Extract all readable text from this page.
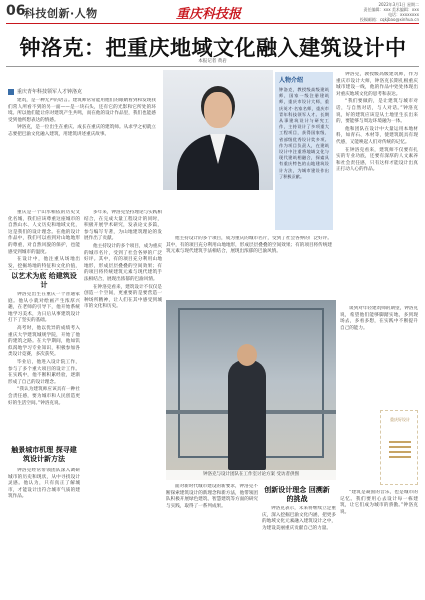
06
科技创新·人物	重庆科技报
2022年3月1日 星期二
责任编辑：xxx 美术编辑：xxx
电话：xxxxxxxx
投稿邮箱：cqkjbao@xinhua.cn
钟洛克：把重庆地域文化融入建筑设计中
本报记者 黄岩
重庆青年科技领军人才钟洛克

建筑，是一种无声的语言。建筑师常常能用他们的眼睛看到和发现我们常人所看不到的另一面——是一块石头，还有它的光影和它所处的环境。所以他们能让你对建筑产生共鸣，而在他的设计作品里，我们也能感受到他所想表达的情感。

钟洛克，是一位出生在重庆、成长在重庆的建筑师。从求学之初就立志要把巴渝文化融入建筑，用建筑讲述重庆故事。

人物介绍
钟洛克，教授级高级建筑师，国家一级注册建筑师，重庆市设计大师，重庆英才·名家名师，重庆市青年科技领军人才。长期从事建筑设计与研究工作，主持设计了多项重大工程项目，获得国家级、省部级优秀设计奖多项。作为项目负责人，在建筑设计中注重将地域文化与现代建筑相融合，探索具有重庆特色的山地建筑设计方法，为城市建设作出了积极贡献。

钟洛克，教授级高级建筑师，作为重庆市设计大师，钟洛克长期扎根重庆城市建设一线，他的作品中处处体现出对重庆地域文化的思考和表达。

“我们要做的，是让建筑与城市对话，与自然对话，与人对话。”钟洛克说，好的建筑应该是从土地里生长出来的，要能够与周边环境融为一体。

他和团队在设计中大量运用本地材料，如青石、木材等，使建筑既具有现代感，又能唤起人们对传统的记忆。

在钟洛克看来，建筑师不仅要有扎实的专业功底，还要有深厚的人文素养和社会责任感，只有这样才能设计出真正打动人心的作品。

重庆是一个山水相依的历史文化名城，我们应该尊重这座城市的自然山水、人文历史和地域文化，这是我们的设计理念。在他的设计作品中，我们可以看到对山地地形的尊重，对自然风貌的保护，也能感受到城市的温度。

在设计中，他注重从场地出发，挖掘场地的特征和文化价值，

以艺术为底 给建筑设计

钟洛克出生在重庆一个普通家庭。他从小就对绘画产生浓厚兴趣，在老师的引导下，他开始系统地学习美术，为日后从事建筑设计打下了坚实的基础。

高考时，他以优异的成绩考入重庆大学建筑城规学院，开始了他的建筑之路。在大学期间，他如饥似渴地学习专业知识，积极参加各类设计竞赛，多次获奖。

毕业后，他进入设计院工作，参与了多个重大项目的设计工作。在实践中，他不断积累经验，逐渐形成了自己的设计理念。

“我认为建筑师应该具有一种社会责任感，要为城市和人民创造更好的生活空间。”钟洛克说。

触景城市机理 探寻建筑设计新方法

钟洛克经常带领团队深入调研城市的历史和现状，从中寻找设计灵感。他认为，只有真正了解城市，才能设计出符合城市气质的建筑作品。

多年来，钟洛克坚持理论与实践相结合，在完成大量工程设计的同时，积极开展学术研究，发表论文多篇，参与编写专著，为山地建筑理论的发展作出了贡献。

他主持设计的多个项目，成为重庆的城市名片，受到了社会各界的广泛好评。其中，有的项目充分利用山地地形，形成层层叠叠的空间效果；有的项目将传统建筑元素与现代建筑手法相结合，展现出浓郁的巴渝风情。

在钟洛克看来，建筑设计不仅仅是创造一个空间，更重要的是要营造一种场所精神，让人们在其中感受到城市的文化和历史。

他主持设计的多个项目，成为重庆的城市名片，受到了社会各界的广泛好评。其中，有的项目充分利用山地地形，形成层层叠叠的空间效果；有的项目将传统建筑元素与现代建筑手法相结合，展现出浓郁的巴渝风情。

钟洛克与设计团队在工作室讨论方案 受访者供图

面对新时代城市建设的新要求，钟洛克不断探索建筑设计的新理念和新方法，他带领团队积极开展绿色建筑、智慧建筑等方面的研究与实践，取得了一系列成果。

创新设计理念 回溯新的挑战

钟洛克表示，未来将继续立足重庆，深入挖掘巴渝文化内涵，把更多的地域文化元素融入建筑设计之中，为建设美丽重庆贡献自己的力量。

谈到对年轻建筑师的期望，钟洛克说，希望他们能够脚踏实地，多到现场去，多看多想，在实践中不断提升自己的能力。

重庆好设计

“建筑是凝固的音乐，也是城市的记忆。我们要用心去设计每一栋建筑，让它们成为城市的骄傲。”钟洛克说。
